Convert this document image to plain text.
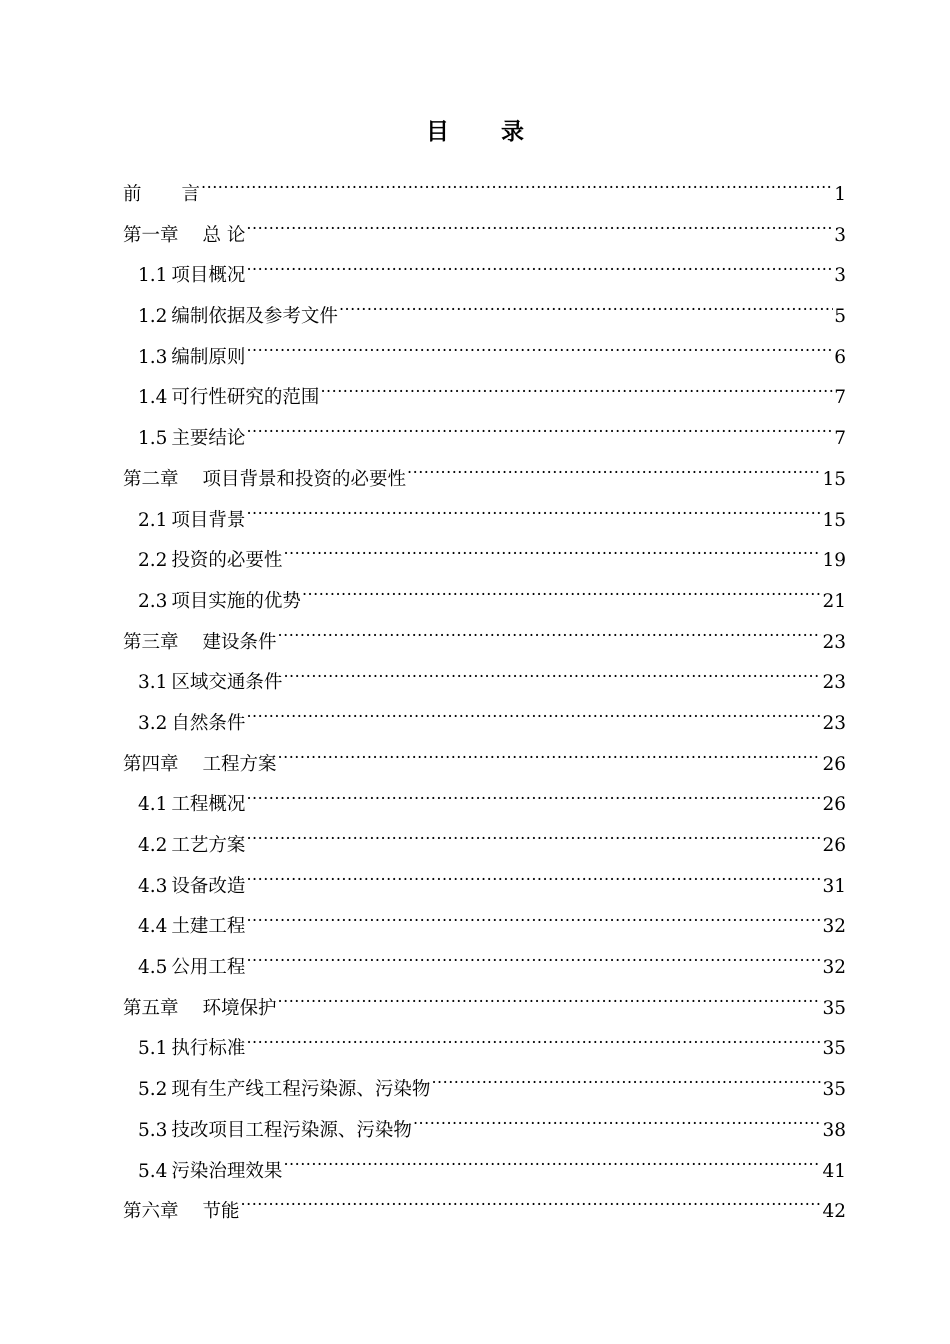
目 录
前 言 .....	1
第一章 总 论 .....	3
1.1 项目概况 .....	3
1.2 编制依据及参考文件 .....	5
1.3 编制原则 .....	6
1.4 可行性研究的范围 .....	7
1.5 主要结论 .....	7
第二章 项目背景和投资的必要性 .....	15
2.1 项目背景 .....	15
2.2 投资的必要性 .....	19
2.3 项目实施的优势 .....	21
第三章 建设条件 .....	23
3.1 区域交通条件 .....	23
3.2 自然条件 .....	23
第四章 工程方案 .....	26
4.1 工程概况 .....	26
4.2 工艺方案 .....	26
4.3 设备改造 .....	31
4.4 土建工程 .....	32
4.5 公用工程 .....	32
第五章 环境保护 .....	35
5.1 执行标准 .....	35
5.2 现有生产线工程污染源、污染物 .....	35
5.3 技改项目工程污染源、污染物 .....	38
5.4 污染治理效果 .....	41
第六章 节能 .....	42
